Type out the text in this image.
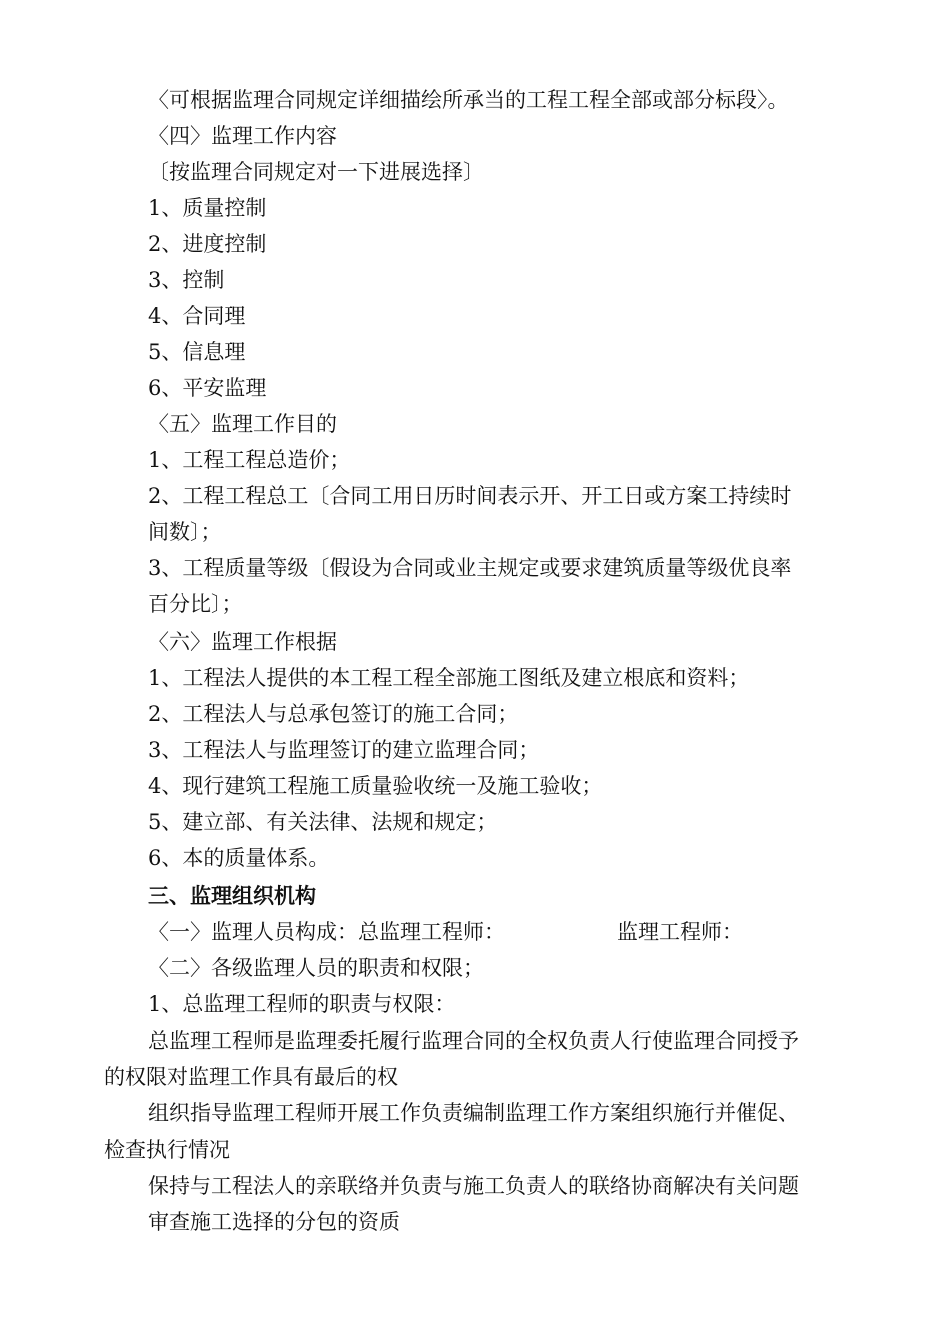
〈可根据监理合同规定详细描绘所承当的工程工程全部或部分标段〉。
〈四〉监理工作内容
〔按监理合同规定对一下进展选择〕
1、质量控制
2、进度控制
3、控制
4、合同理
5、信息理
6、平安监理
〈五〉监理工作目的
1、工程工程总造价；
2、工程工程总工〔合同工用日历时间表示开、开工日或方案工持续时
间数〕；
3、工程质量等级〔假设为合同或业主规定或要求建筑质量等级优良率
百分比〕；
〈六〉监理工作根据
1、工程法人提供的本工程工程全部施工图纸及建立根底和资料；
2、工程法人与总承包签订的施工合同；
3、工程法人与监理签订的建立监理合同；
4、现行建筑工程施工质量验收统一及施工验收；
5、建立部、有关法律、法规和规定；
6、本的质量体系。
三、监理组织机构
〈一〉监理人员构成：总监理工程师：	监理工程师：
〈二〉各级监理人员的职责和权限；
1、总监理工程师的职责与权限：
总监理工程师是监理委托履行监理合同的全权负责人行使监理合同授予
的权限对监理工作具有最后的权
组织指导监理工程师开展工作负责编制监理工作方案组织施行并催促、
检查执行情况
保持与工程法人的亲联络并负责与施工负责人的联络协商解决有关问题
审查施工选择的分包的资质
